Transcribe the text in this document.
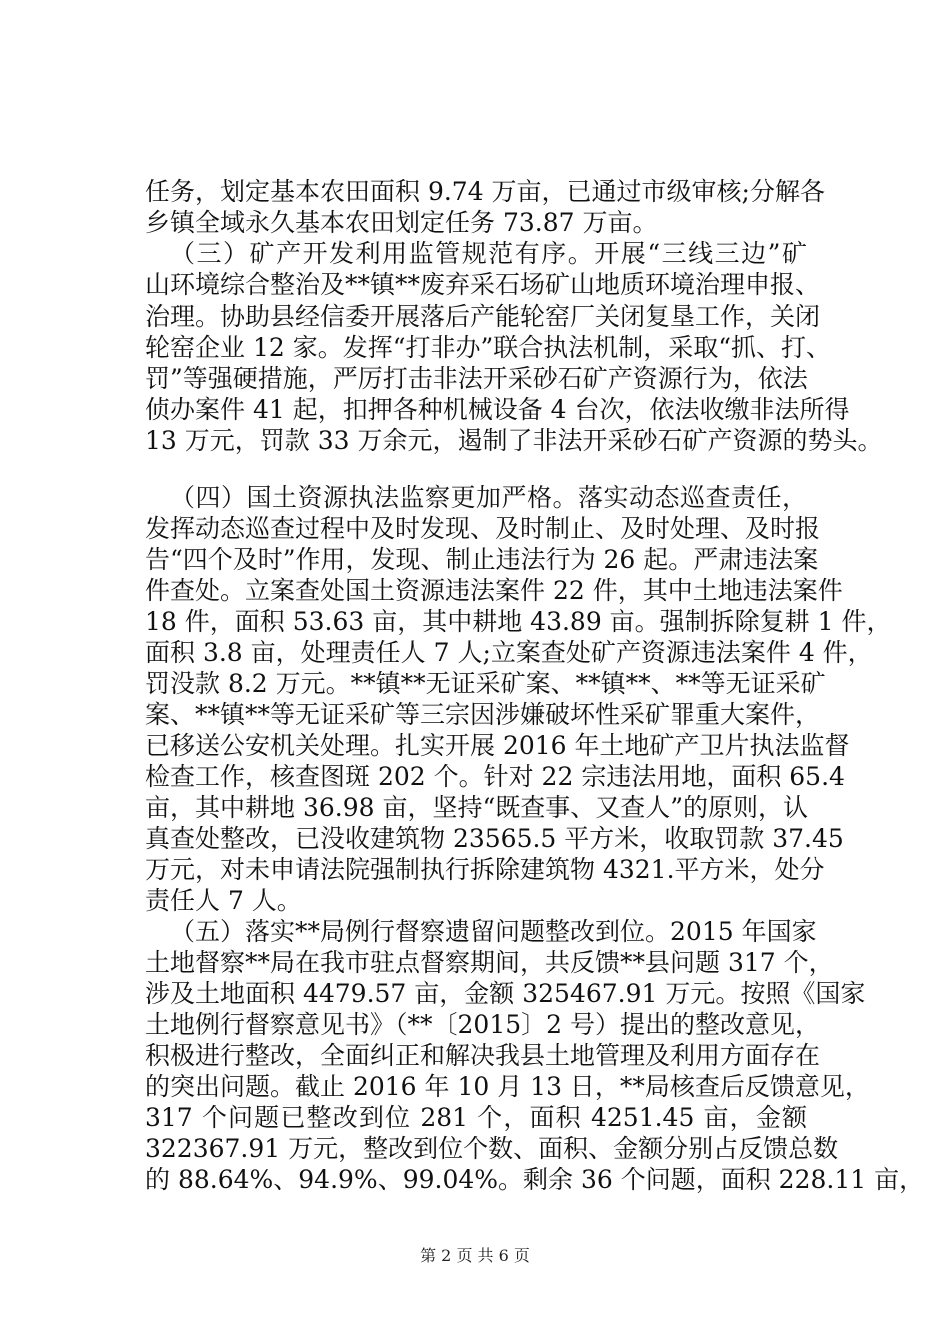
任务，划定基本农田面积 9.74 万亩，已通过市级审核;分解各
乡镇全域永久基本农田划定任务 73.87 万亩。
（三）矿产开发利用监管规范有序。开展“三线三边”矿
山环境综合整治及**镇**废弃采石场矿山地质环境治理申报、
治理。协助县经信委开展落后产能轮窑厂关闭复垦工作，关闭
轮窑企业 12 家。发挥“打非办”联合执法机制，采取“抓、打、
罚”等强硬措施，严厉打击非法开采砂石矿产资源行为，依法
侦办案件 41 起，扣押各种机械设备 4 台次，依法收缴非法所得
13 万元，罚款 33 万余元，遏制了非法开采砂石矿产资源的势头。
（四）国土资源执法监察更加严格。落实动态巡查责任，
发挥动态巡查过程中及时发现、及时制止、及时处理、及时报
告“四个及时”作用，发现、制止违法行为 26 起。严肃违法案
件查处。立案查处国土资源违法案件 22 件，其中土地违法案件
18 件，面积 53.63 亩，其中耕地 43.89 亩。强制拆除复耕 1 件，
面积 3.8 亩，处理责任人 7 人;立案查处矿产资源违法案件 4 件，
罚没款 8.2 万元。**镇**无证采矿案、**镇**、**等无证采矿
案、**镇**等无证采矿等三宗因涉嫌破坏性采矿罪重大案件，
已移送公安机关处理。扎实开展 2016 年土地矿产卫片执法监督
检查工作，核查图斑 202 个。针对 22 宗违法用地，面积 65.4
亩，其中耕地 36.98 亩，坚持“既查事、又查人”的原则，认
真查处整改，已没收建筑物 23565.5 平方米，收取罚款 37.45
万元，对未申请法院强制执行拆除建筑物 4321.平方米，处分
责任人 7 人。
（五）落实**局例行督察遗留问题整改到位。2015 年国家
土地督察**局在我市驻点督察期间，共反馈**县问题 317 个，
涉及土地面积 4479.57 亩，金额 325467.91 万元。按照《国家
土地例行督察意见书》（**〔2015〕2 号）提出的整改意见，
积极进行整改，全面纠正和解决我县土地管理及利用方面存在
的突出问题。截止 2016 年 10 月 13 日，**局核查后反馈意见，
317 个问题已整改到位 281 个，面积 4251.45 亩，金额
322367.91 万元，整改到位个数、面积、金额分别占反馈总数
的 88.64%、94.9%、99.04%。剩余 36 个问题，面积 228.11 亩，
第 2 页 共 6 页
